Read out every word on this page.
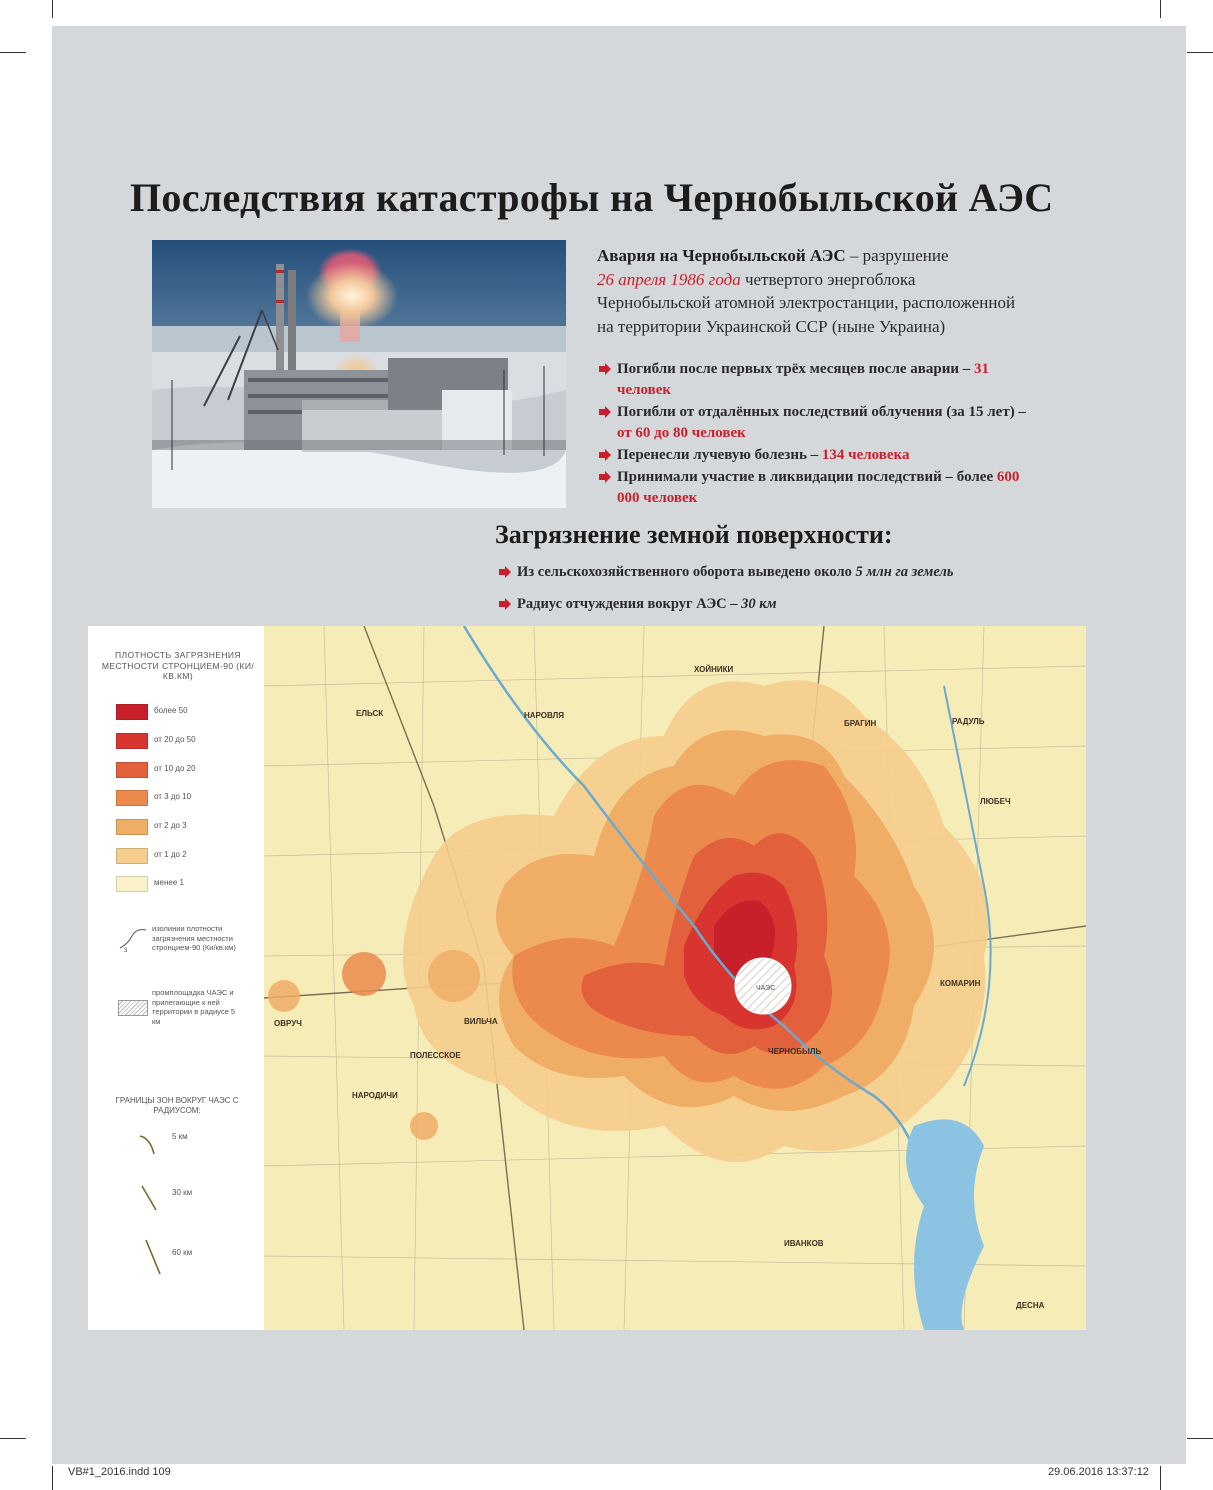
Последствия катастрофы на Чернобыльской АЭС

Авария на Чернобыльской АЭС – разрушение
26 апреля 1986 года четвертого энергоблока Чернобыльской атомной электростанции, расположенной на территории Украинской ССР (ныне Украина)

Погибли после первых трёх месяцев после аварии – 31 человек
Погибли от отдалённых последствий облучения (за 15 лет) – от 60 до 80 человек
Перенесли лучевую болезнь – 134 человека
Принимали участие в ликвидации последствий – более 600 000 человек
Загрязнение земной поверхности:
Из сельскохозяйственного оборота выведено около 5 млн га земель
Радиус отчуждения вокруг АЭС – 30 км
ПЛОТНОСТЬ ЗАГРЯЗНЕНИЯ МЕСТНОСТИ СТРОНЦИЕМ-90 (КИ/КВ.КМ)
более 50
от 20 до 50
от 10 до 20
от 3 до 10
от 2 до 3
от 1 до 2
менее 1
3
изолинии плотности загрязнения местности стронцием-90 (Ки/кв.км)
промплощадка ЧАЭС и прилегающие к ней территории в радиусе 5 км
ГРАНИЦЫ ЗОН ВОКРУГ ЧАЭС С РАДИУСОМ:
5 км
30 км
60 км
ЧАЭС
ХОЙНИКИ
БРАГИН
НАРОВЛЯ
ЕЛЬСК
РАДУЛЬ
ЛЮБЕЧ
КОМАРИН
ОВРУЧ	ВИЛЬЧА
ЧЕРНОБЫЛЬ
ПОЛЕССКОЕ
НАРОДИЧИ
ИВАНКОВ
ДЕСНА
VB#1_2016.indd 109	29.06.2016 13:37:12
